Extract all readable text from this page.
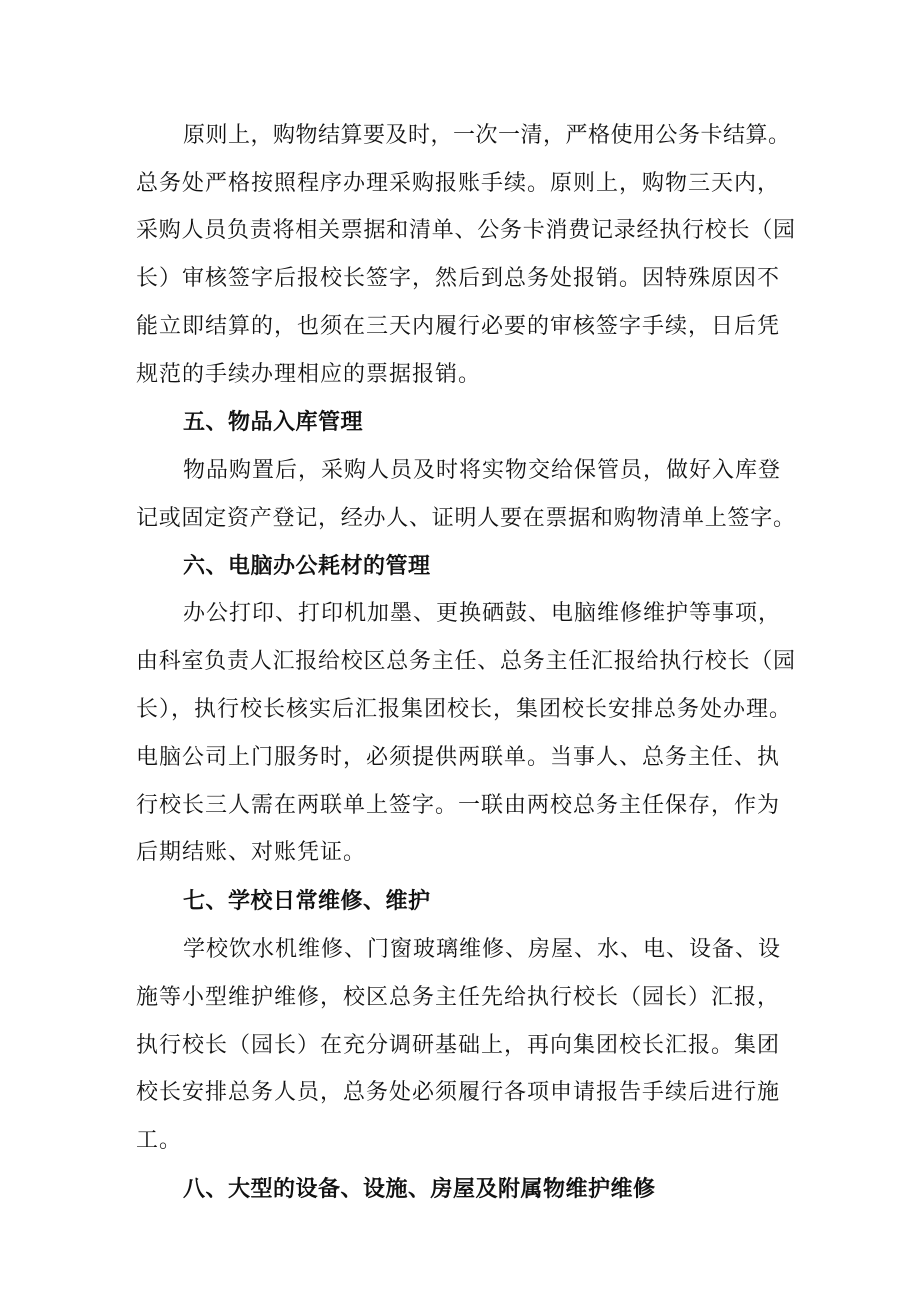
原则上，购物结算要及时，一次一清，严格使用公务卡结算。
总务处严格按照程序办理采购报账手续。原则上，购物三天内，
采购人员负责将相关票据和清单、公务卡消费记录经执行校长（园
长）审核签字后报校长签字，然后到总务处报销。因特殊原因不
能立即结算的，也须在三天内履行必要的审核签字手续，日后凭
规范的手续办理相应的票据报销。
五、物品入库管理
物品购置后，采购人员及时将实物交给保管员，做好入库登
记或固定资产登记，经办人、证明人要在票据和购物清单上签字。
六、电脑办公耗材的管理
办公打印、打印机加墨、更换硒鼓、电脑维修维护等事项，
由科室负责人汇报给校区总务主任、总务主任汇报给执行校长（园
长），执行校长核实后汇报集团校长，集团校长安排总务处办理。
电脑公司上门服务时，必须提供两联单。当事人、总务主任、执
行校长三人需在两联单上签字。一联由两校总务主任保存，作为
后期结账、对账凭证。
七、学校日常维修、维护
学校饮水机维修、门窗玻璃维修、房屋、水、电、设备、设
施等小型维护维修，校区总务主任先给执行校长（园长）汇报，
执行校长（园长）在充分调研基础上，再向集团校长汇报。集团
校长安排总务人员，总务处必须履行各项申请报告手续后进行施
工。
八、大型的设备、设施、房屋及附属物维护维修
